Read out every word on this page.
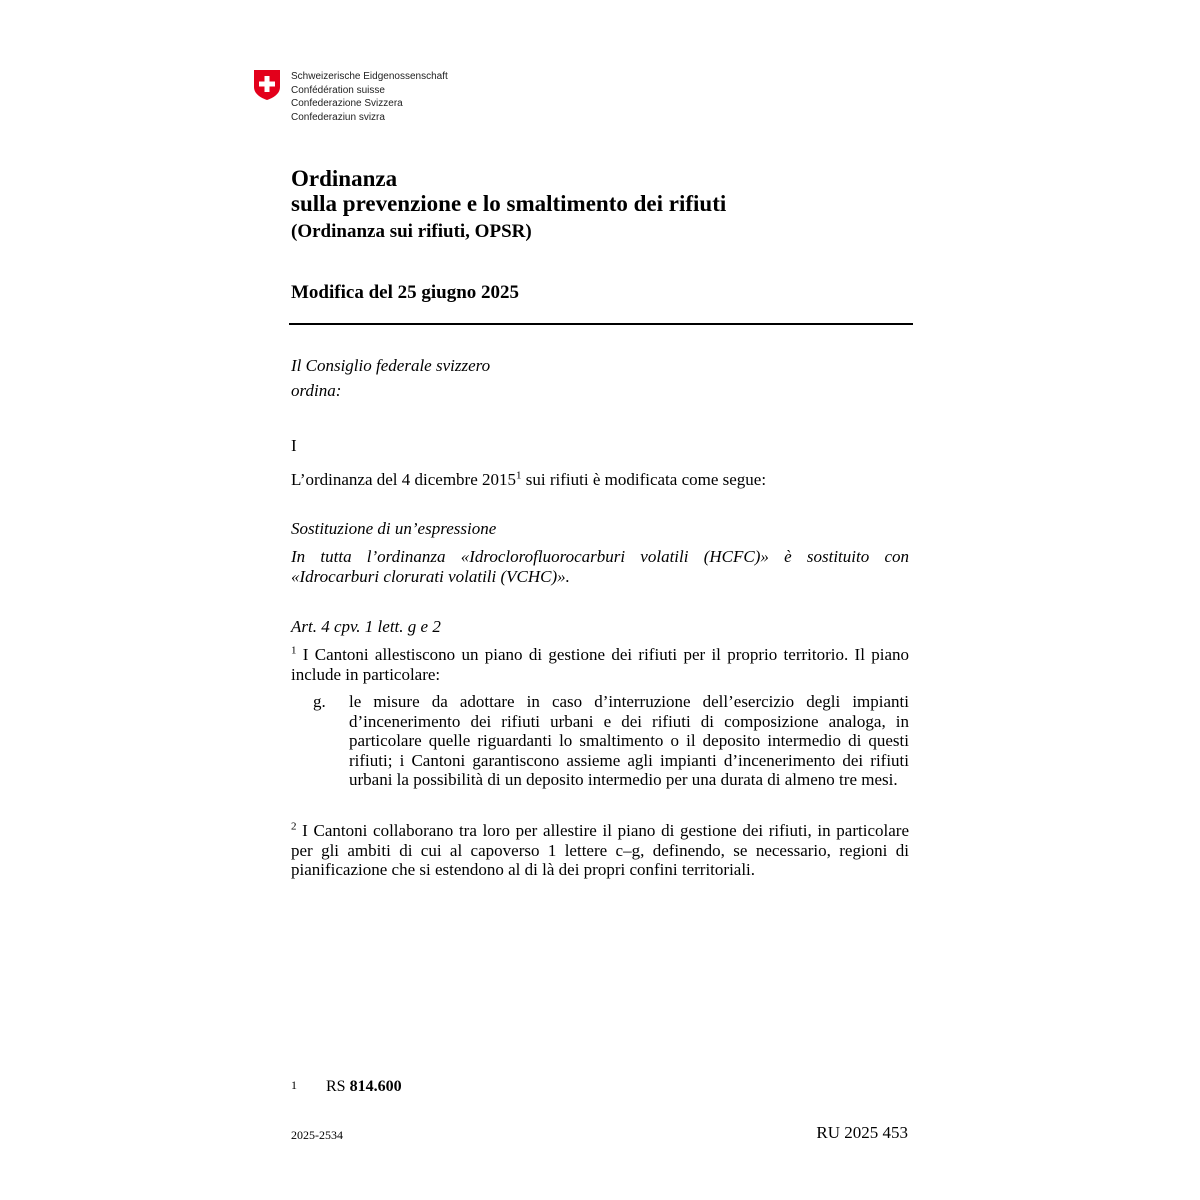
Schweizerische Eidgenossenschaft
Confédération suisse
Confederazione Svizzera
Confederaziun svizra
Ordinanza
sulla prevenzione e lo smaltimento dei rifiuti
(Ordinanza sui rifiuti, OPSR)
Modifica del 25 giugno 2025
Il Consiglio federale svizzero
ordina:
I
L’ordinanza del 4 dicembre 2015$^1$ sui rifiuti è modificata come segue:
Sostituzione di un’espressione
In tutta l’ordinanza «Idroclorofluorocarburi volatili (HCFC)» è sostituito con «Idrocarburi clorurati volatili (VCHC)».
Art. 4 cpv. 1 lett. g e 2
$^1$ I Cantoni allestiscono un piano di gestione dei rifiuti per il proprio territorio. Il piano include in particolare:
g. le misure da adottare in caso d’interruzione dell’esercizio degli impianti d’incenerimento dei rifiuti urbani e dei rifiuti di composizione analoga, in particolare quelle riguardanti lo smaltimento o il deposito intermedio di questi rifiuti; i Cantoni garantiscono assieme agli impianti d’incenerimento dei rifiuti urbani la possibilità di un deposito intermedio per una durata di almeno tre mesi.
$^2$ I Cantoni collaborano tra loro per allestire il piano di gestione dei rifiuti, in particolare per gli ambiti di cui al capoverso 1 lettere c–g, definendo, se necessario, regioni di pianificazione che si estendono al di là dei propri confini territoriali.
1 RS 814.600
2025-2534	RU 2025 453
